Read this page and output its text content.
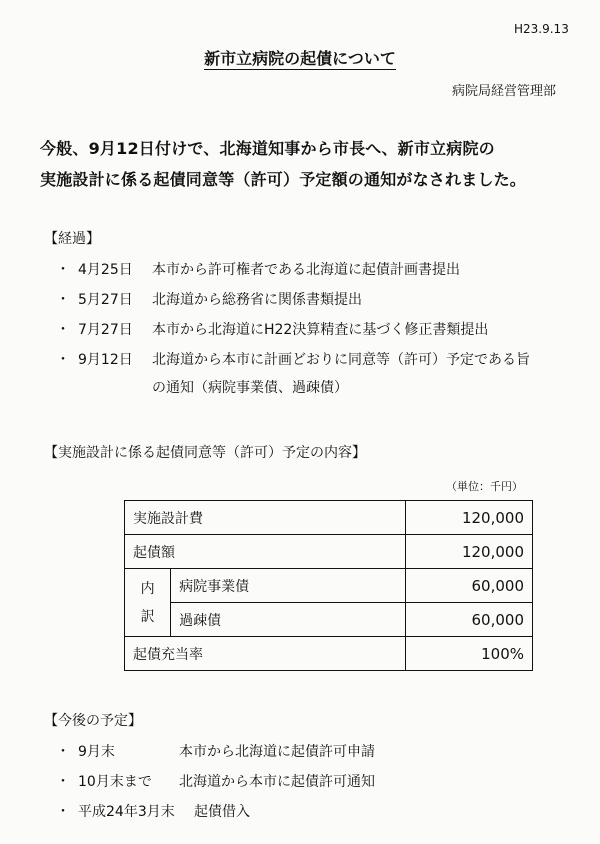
H23.9.13
新市立病院の起債について
病院局経営管理部
今般、9月12日付けで、北海道知事から市長へ、新市立病院の
実施設計に係る起債同意等（許可）予定額の通知がなされました。
【経過】
・ 4月25日 本市から許可権者である北海道に起債計画書提出
・ 5月27日 北海道から総務省に関係書類提出
・ 7月27日 本市から北海道にH22決算精査に基づく修正書類提出
・ 9月12日 北海道から本市に計画どおりに同意等（許可）予定である旨
の通知（病院事業債、過疎債）
【実施設計に係る起債同意等（許可）予定の内容】
（単位：千円）
実施設計費		120,000
起債額		120,000
内
訳	病院事業債	60,000
	過疎債	60,000
起債充当率		100%
【今後の予定】
・ 9月末	本市から北海道に起債許可申請
・ 10月末まで 北海道から本市に起債許可通知
・ 平成24年3月末 起債借入
